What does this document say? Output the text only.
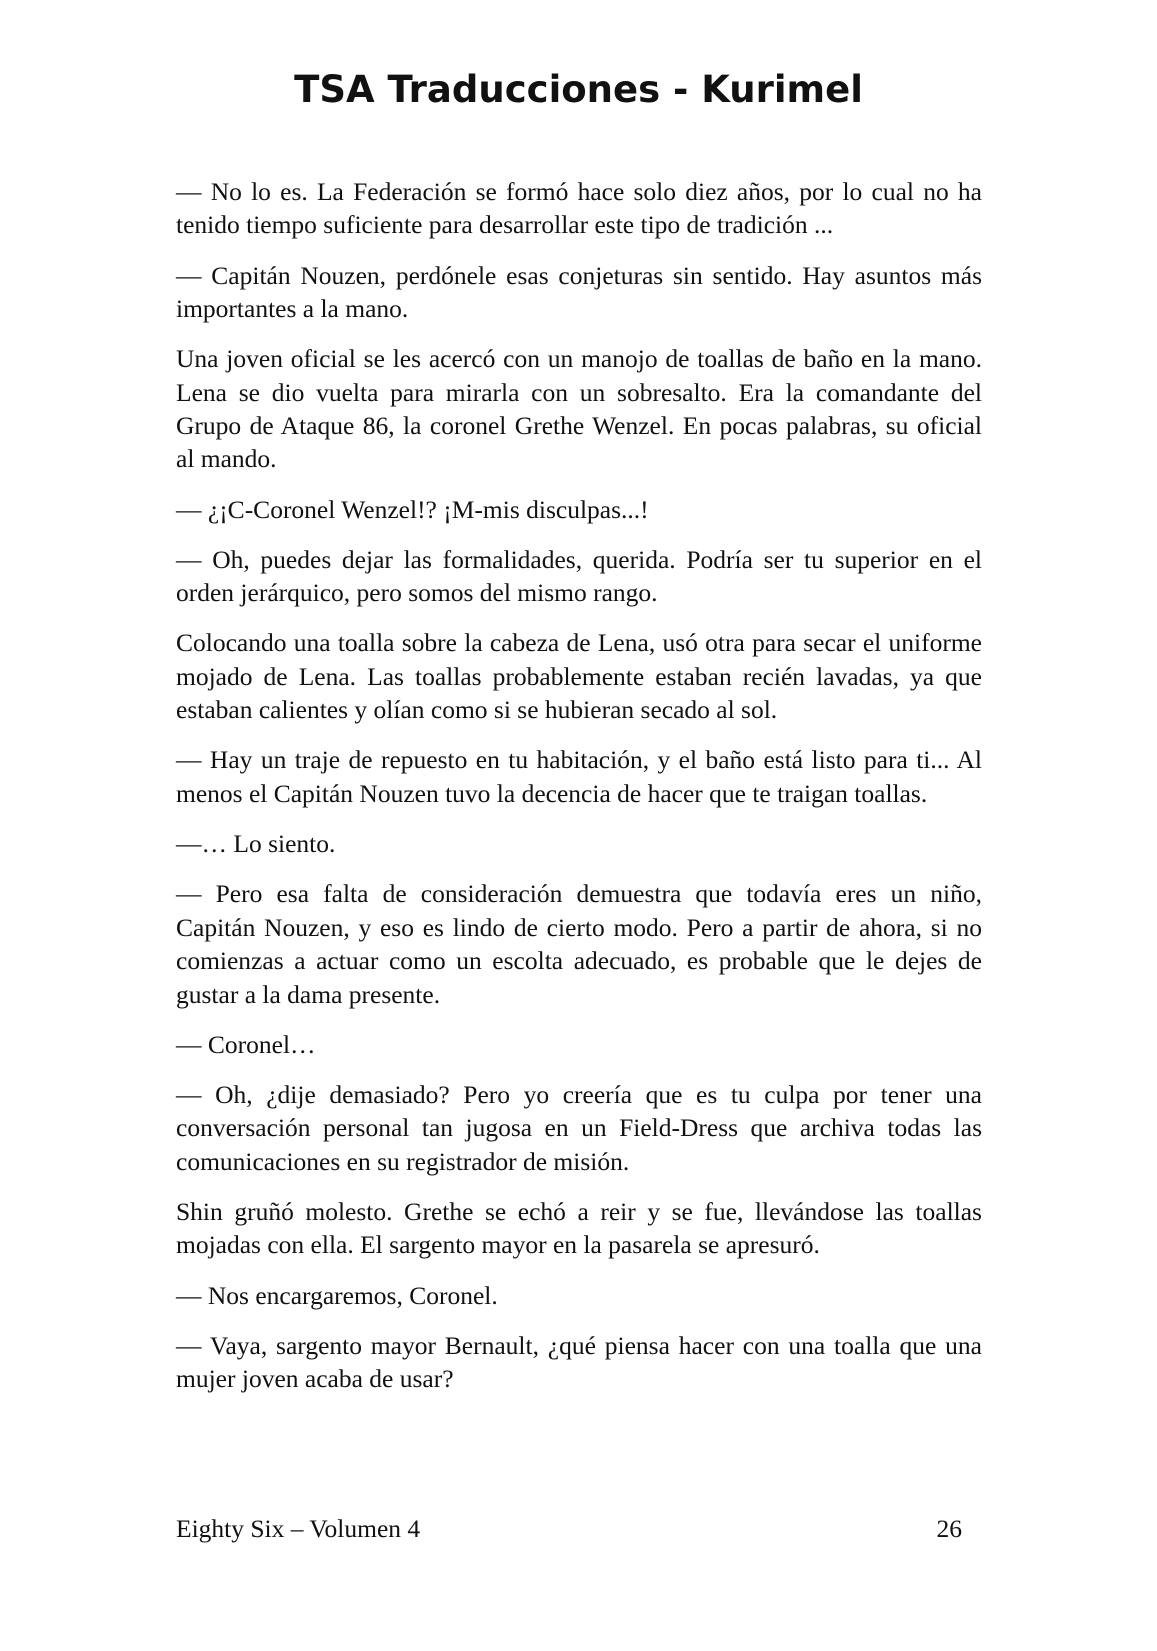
TSA Traducciones - Kurimel

— No lo es. La Federación se formó hace solo diez años, por lo cual no ha tenido tiempo suficiente para desarrollar este tipo de tradición ...

— Capitán Nouzen, perdónele esas conjeturas sin sentido. Hay asuntos más importantes a la mano.

Una joven oficial se les acercó con un manojo de toallas de baño en la mano. Lena se dio vuelta para mirarla con un sobresalto. Era la comandante del Grupo de Ataque 86, la coronel Grethe Wenzel. En pocas palabras, su oficial al mando.

— ¿¡C-Coronel Wenzel!? ¡M-mis disculpas...!

— Oh, puedes dejar las formalidades, querida. Podría ser tu superior en el orden jerárquico, pero somos del mismo rango.

Colocando una toalla sobre la cabeza de Lena, usó otra para secar el uniforme mojado de Lena. Las toallas probablemente estaban recién lavadas, ya que estaban calientes y olían como si se hubieran secado al sol.

— Hay un traje de repuesto en tu habitación, y el baño está listo para ti... Al menos el Capitán Nouzen tuvo la decencia de hacer que te traigan toallas.

—… Lo siento.

— Pero esa falta de consideración demuestra que todavía eres un niño, Capitán Nouzen, y eso es lindo de cierto modo. Pero a partir de ahora, si no comienzas a actuar como un escolta adecuado, es probable que le dejes de gustar a la dama presente.

— Coronel…

— Oh, ¿dije demasiado? Pero yo creería que es tu culpa por tener una conversación personal tan jugosa en un Field-Dress que archiva todas las comunicaciones en su registrador de misión.

Shin gruñó molesto. Grethe se echó a reir y se fue, llevándose las toallas mojadas con ella. El sargento mayor en la pasarela se apresuró.

— Nos encargaremos, Coronel.

— Vaya, sargento mayor Bernault, ¿qué piensa hacer con una toalla que una mujer joven acaba de usar?

Eighty Six – Volumen 4	26
